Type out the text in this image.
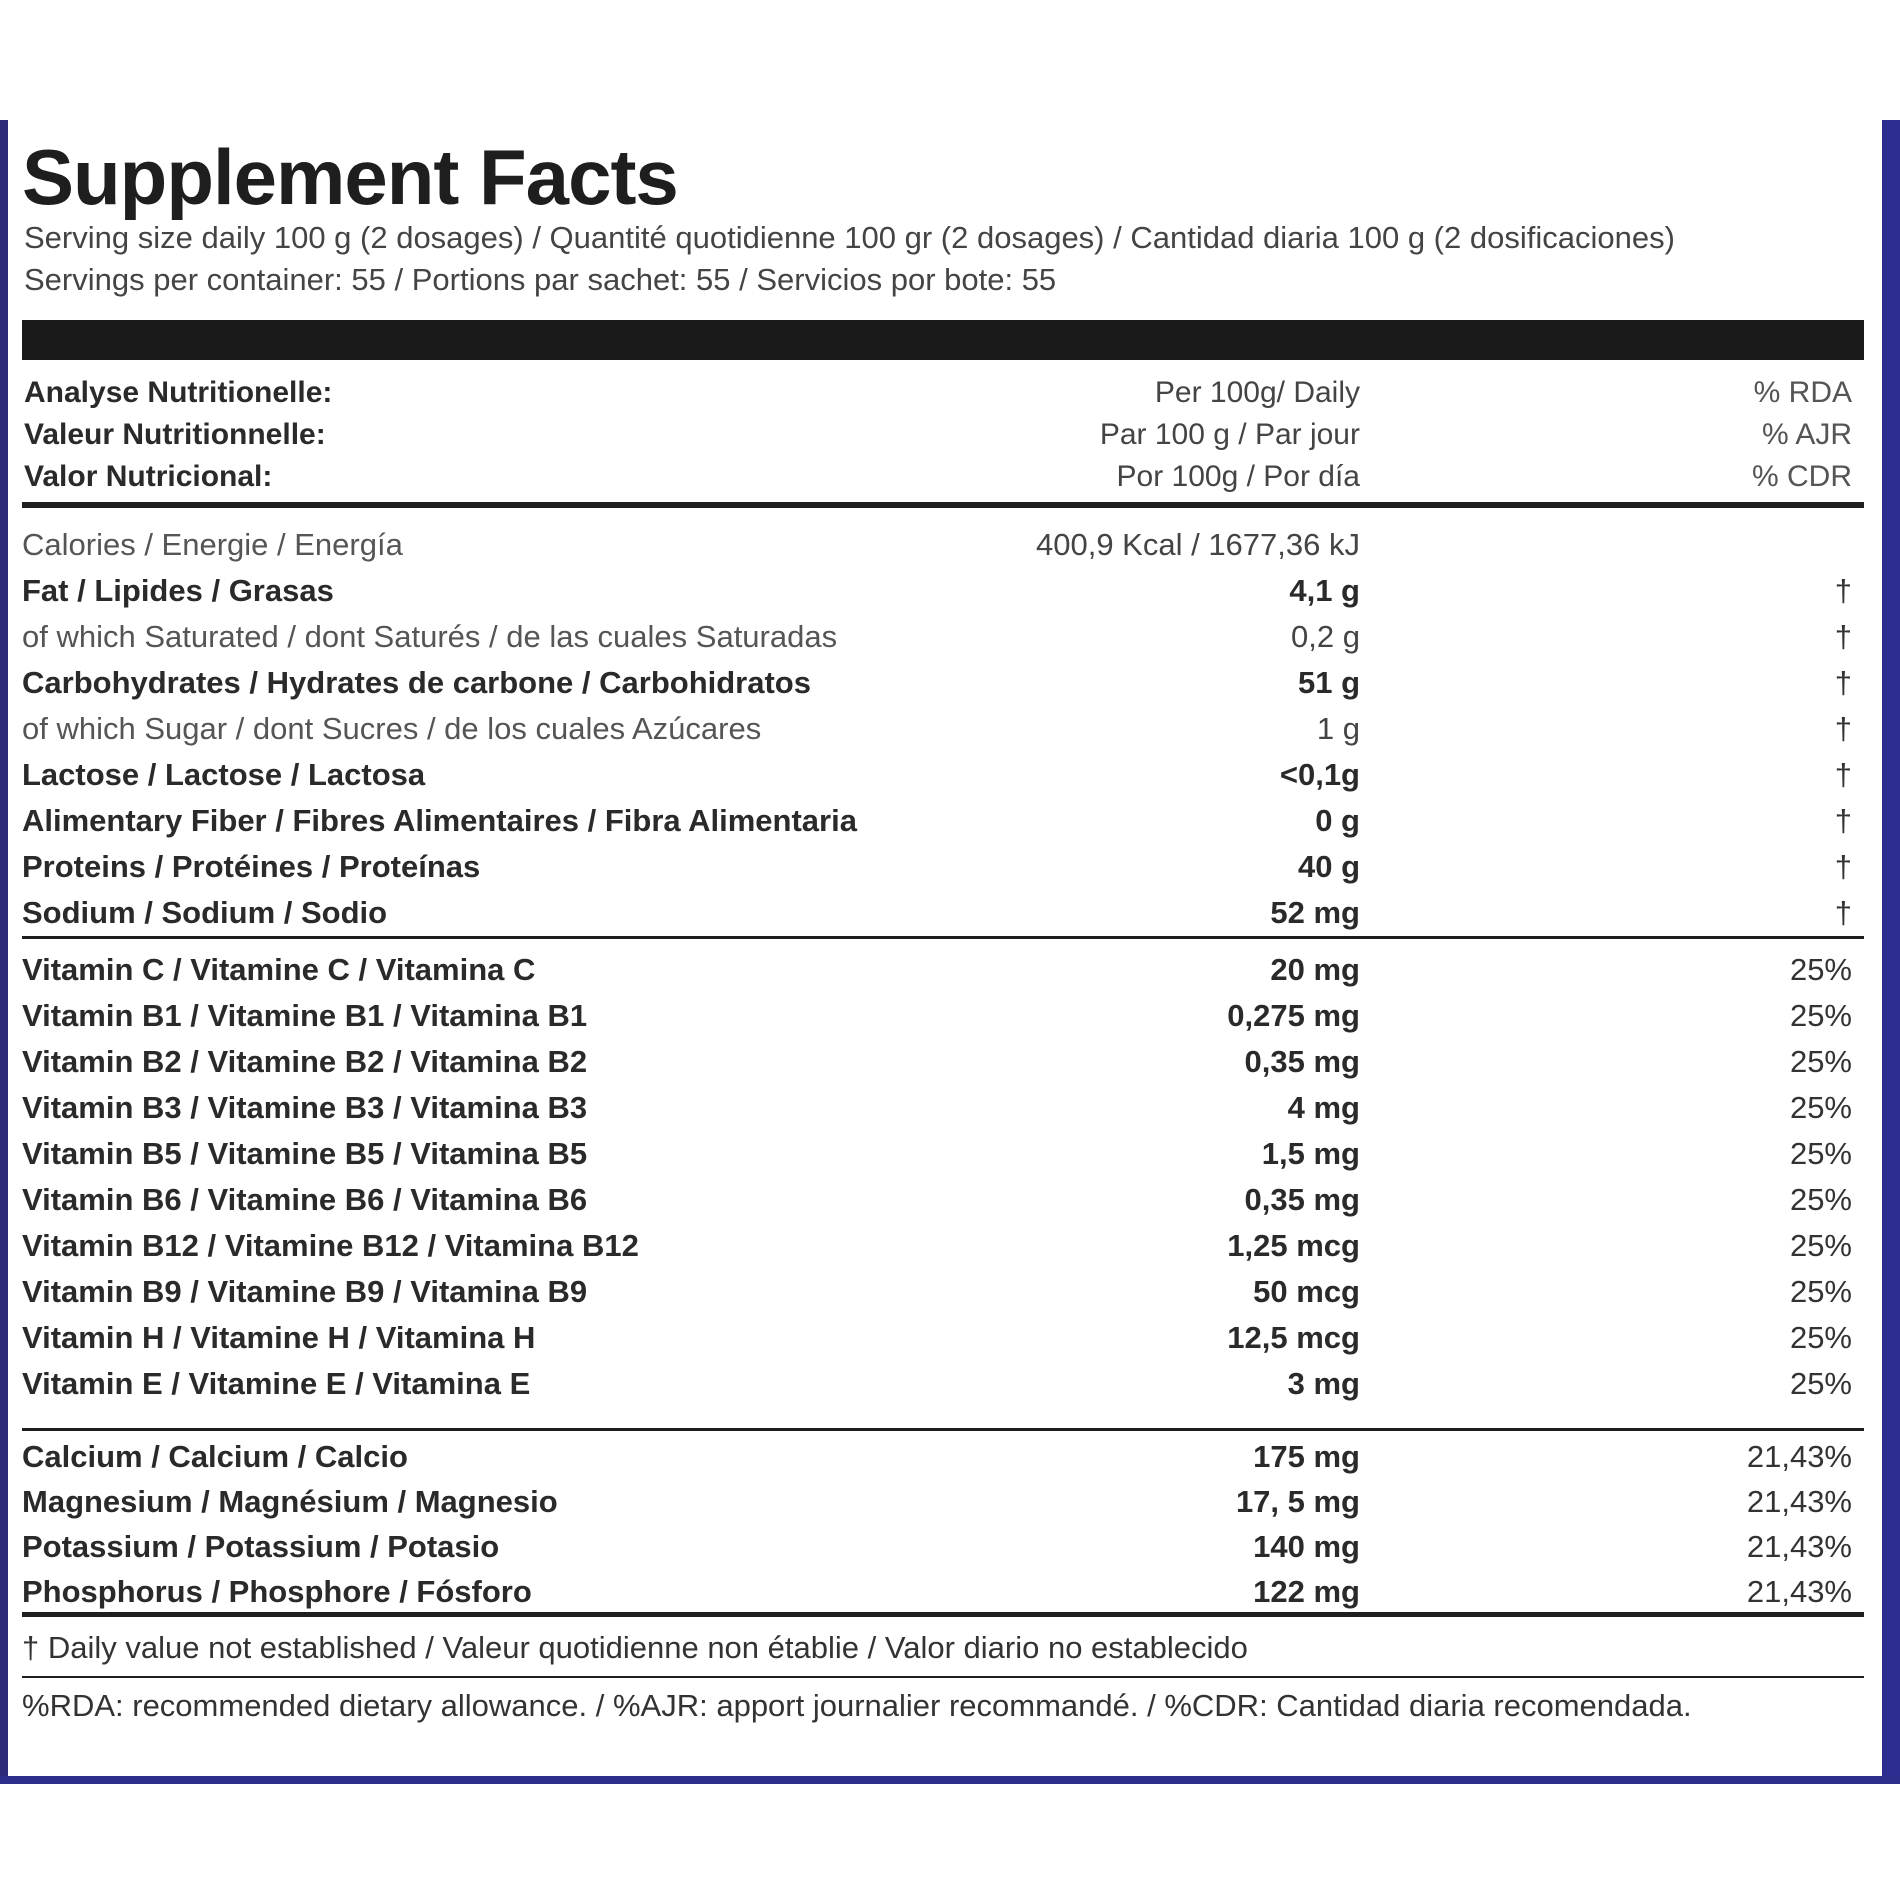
Supplement Facts
Serving size daily 100 g (2 dosages) / Quantité quotidienne 100 gr (2 dosages) / Cantidad diaria 100 g (2 dosificaciones)
Servings per container: 55 / Portions par sachet: 55 / Servicios por bote: 55
Analyse Nutritionelle:	Per 100g/ Daily	% RDA
Valeur Nutritionnelle:	Par 100 g / Par jour	% AJR
Valor Nutricional:	Por 100g / Por día	% CDR
Calories / Energie / Energía	400,9 Kcal / 1677,36 kJ
Fat / Lipides / Grasas	4,1 g	†
of which Saturated / dont Saturés / de las cuales Saturadas	0,2 g	†
Carbohydrates / Hydrates de carbone / Carbohidratos	51 g	†
of which Sugar / dont Sucres / de los cuales Azúcares	1 g	†
Lactose / Lactose / Lactosa	<0,1g	†
Alimentary Fiber / Fibres Alimentaires / Fibra Alimentaria	0 g	†
Proteins / Protéines / Proteínas	40 g	†
Sodium / Sodium / Sodio	52 mg	†
Vitamin C / Vitamine C / Vitamina C	20 mg	25%
Vitamin B1 / Vitamine B1 / Vitamina B1	0,275 mg	25%
Vitamin B2 / Vitamine B2 / Vitamina B2	0,35 mg	25%
Vitamin B3 / Vitamine B3 / Vitamina B3	4 mg	25%
Vitamin B5 / Vitamine B5 / Vitamina B5	1,5 mg	25%
Vitamin B6 / Vitamine B6 / Vitamina B6	0,35 mg	25%
Vitamin B12 / Vitamine B12 / Vitamina B12	1,25 mcg	25%
Vitamin B9 / Vitamine B9 / Vitamina B9	50 mcg	25%
Vitamin H / Vitamine H / Vitamina H	12,5 mcg	25%
Vitamin E / Vitamine E / Vitamina E	3 mg	25%
Calcium / Calcium / Calcio	175 mg	21,43%
Magnesium / Magnésium / Magnesio	17, 5 mg	21,43%
Potassium / Potassium / Potasio	140 mg	21,43%
Phosphorus / Phosphore / Fósforo	122 mg	21,43%
† Daily value not established / Valeur quotidienne non établie / Valor diario no establecido
%RDA: recommended dietary allowance. / %AJR: apport journalier recommandé. / %CDR: Cantidad diaria recomendada.
